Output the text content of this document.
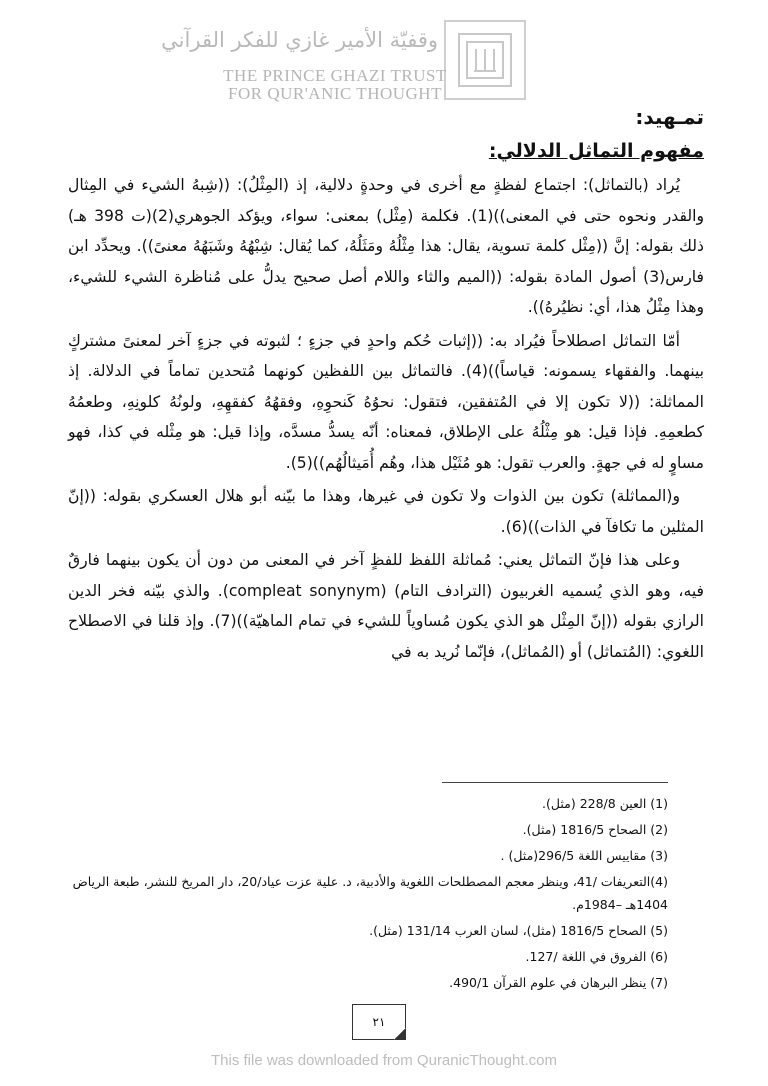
وقفيّة الأمير غازي للفكر القرآني
THE PRINCE GHAZI TRUST
FOR QUR'ANIC THOUGHT
تمـهيد:
مفهوم التماثل الدلالي:

يُراد (بالتماثل): اجتماع لفظةٍ مع أخرى في وحدةٍ دلالية، إذ (المِثْلُ): ((شِبهُ الشيء في المِثال والقدر ونحوه حتى في المعنى))(1). فكلمة (مِثْل) بمعنى: سواء، ويؤكد الجوهري(2)(ت 398 هـ) ذلك بقوله: إنَّ ((مِثْل كلمة تسوية، يقال: هذا مِثْلُهُ ومَثَلُهُ، كما يُقال: شِبْهُهُ وشَبَهُهُ معنىً)). ويحدِّد ابن فارس(3) أصول المادة بقوله: ((الميم والثاء واللام أصل صحيح يدلُّ على مُناظرة الشيء للشيء، وهذا مِثْلُ هذا، أي: نظيُرهُ)).

أمّا التماثل اصطلاحاً فيُراد به: ((إثبات حُكم واحدٍ في جزءٍ ؛ لثبوته في جزءٍ آخر لمعنىً مشتركٍ بينهما. والفقهاء يسمونه: قياساً))(4). فالتماثل بين اللفظين كونهما مُتحدين تماماً في الدلالة. إذ المماثلة: ((لا تكون إلا في المُتفقين، فتقول: نحوُهُ كَنحوِهِ، وفقهُهُ كفقهِهِ، ولونُهُ كلونِهِ، وطعمُهُ كطعمِهِ. فإذا قيل: هو مِثْلُهُ على الإطلاق، فمعناه: أنّه يسدُّ مسدَّه، وإذا قيل: هو مِثْله في كذا، فهو مساوٍ له في جهةٍ. والعرب تقول: هو مُثَيْل هذا، وهُم أُمَيثالُهُم))(5).

و(المماثلة) تكون بين الذوات ولا تكون في غيرها، وهذا ما بيّنه أبو هلال العسكري بقوله: ((إنّ المثلين ما تكافآ في الذات))(6).

وعلى هذا فإنّ التماثل يعني: مُماثلة اللفظ للفظٍ آخر في المعنى من دون أن يكون بينهما فارقٌ فيه، وهو الذي يُسميه الغربيون (الترادف التام) (compleat sonynym). والذي بيّنه فخر الدين الرازي بقوله ((إنّ المِثْل هو الذي يكون مُساوياً للشيء في تمام الماهيّة))(7). وإذ قلنا في الاصطلاح اللغوي: (المُتماثل) أو (المُماثل)، فإنّما نُريد به في

(1) العين 228/8 (مثل).
(2) الصحاح 1816/5 (مثل).
(3) مقاييس اللغة 296/5(مثل) .
(4)التعريفات /41، وينظر معجم المصطلحات اللغوية والأدبية، د. علية عزت عياد/20، دار المريخ للنشر، طبعة الرياض 1404هـ –1984م.
(5) الصحاح 1816/5 (مثل)، لسان العرب 131/14 (مثل).
(6) الفروق في اللغة /127.
(7) ينظر البرهان في علوم القرآن 490/1.
٢١
This file was downloaded from QuranicThought.com
